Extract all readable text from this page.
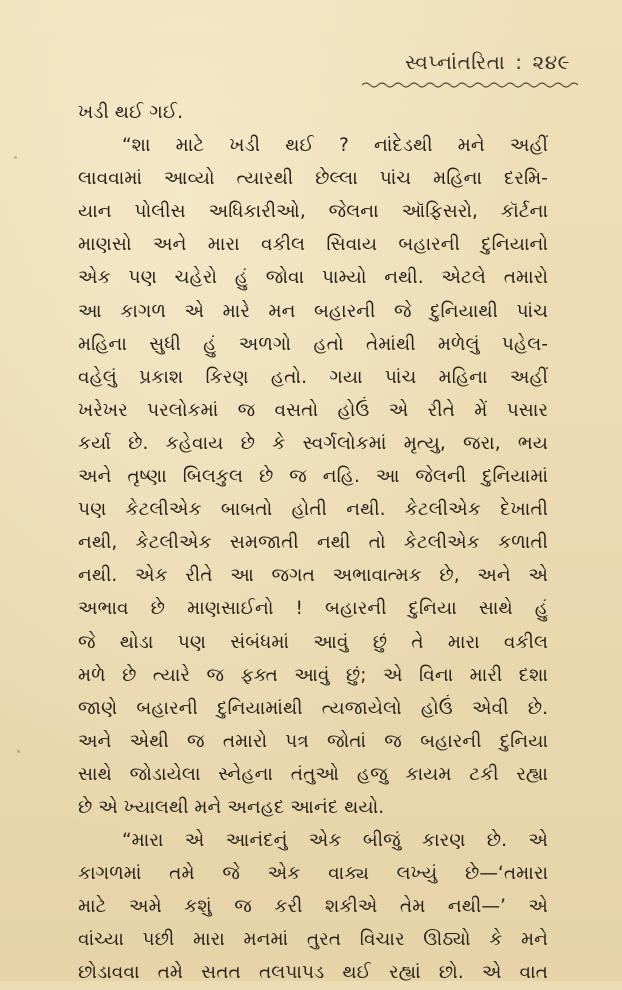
સ્વપ્નાંતરિતા : ૨૪૯
ખડી થઈ ગઈ.
“શા માટે ખડી થઈ ? નાંદેડથી મને અહીં
લાવવામાં આવ્યો ત્યારથી છેલ્લા પાંચ મહિના દરમિ-
યાન પોલીસ અધિકારીઓ, જેલના ઑફિસરો, કૉર્ટના
માણસો અને મારા વકીલ સિવાય બહારની દુનિયાનો
એક પણ ચહેરો હું જોવા પામ્યો નથી. એટલે તમારો
આ કાગળ એ મારે મન બહારની જે દુનિયાથી પાંચ
મહિના સુધી હું અળગો હતો તેમાંથી મળેલું પહેલ-
વહેલું પ્રકાશ કિરણ હતો. ગયા પાંચ મહિના અહીં
ખરેખર પરલોકમાં જ વસતો હોઉં એ રીતે મેં પસાર
કર્યા છે. કહેવાય છે કે સ્વર્ગલોકમાં મૃત્યુ, જરા, ભય
અને તૃષ્ણા બિલકુલ છે જ નહિ. આ જેલની દુનિયામાં
પણ કેટલીએક બાબતો હોતી નથી. કેટલીએક દેખાતી
નથી, કેટલીએક સમજાતી નથી તો કેટલીએક કળાતી
નથી. એક રીતે આ જગત અભાવાત્મક છે, અને એ
અભાવ છે માણસાઈનો ! બહારની દુનિયા સાથે હું
જે થોડા પણ સંબંધમાં આવું છું તે મારા વકીલ
મળે છે ત્યારે જ ફક્ત આવું છું; એ વિના મારી દશા
જાણે બહારની દુનિયામાંથી ત્યજાયેલો હોઉં એવી છે.
અને એથી જ તમારો પત્ર જોતાં જ બહારની દુનિયા
સાથે જોડાયેલા સ્નેહના તંતુઓ હજુ કાયમ ટકી રહ્યા
છે એ ખ્યાલથી મને અનહદ આનંદ થયો.
“મારા એ આનંદનું એક બીજું કારણ છે. એ
કાગળમાં તમે જે એક વાક્ય લખ્યું છે—‘તમારા
માટે અમે કશું જ કરી શકીએ તેમ નથી—’ એ
વાંચ્યા પછી મારા મનમાં તુરત વિચાર ઊઠ્યો કે મને
છોડાવવા તમે સતત તલપાપડ થઈ રહ્યાં છો. એ વાત
